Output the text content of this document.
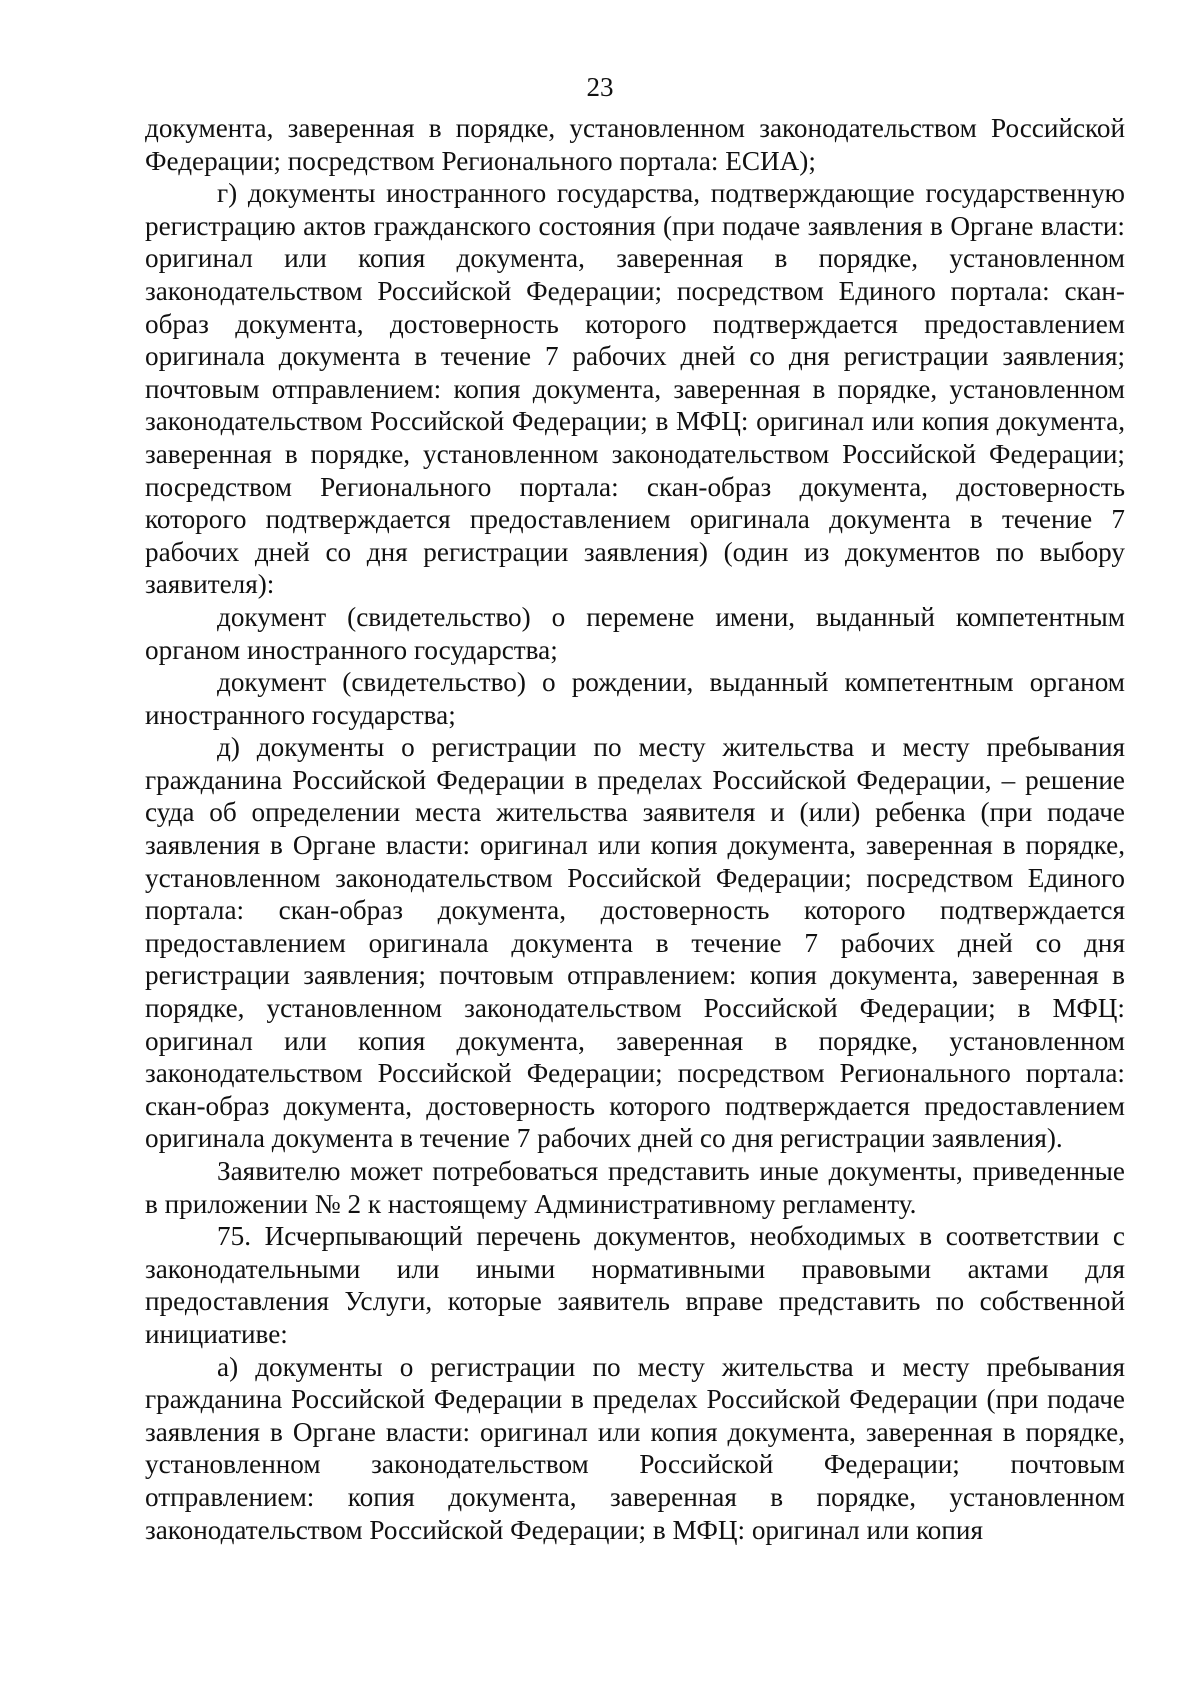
23

документа, заверенная в порядке, установленном законодательством Российской Федерации; посредством Регионального портала: ЕСИА);

г) документы иностранного государства, подтверждающие государственную регистрацию актов гражданского состояния (при подаче заявления в Органе власти: оригинал или копия документа, заверенная в порядке, установленном законодательством Российской Федерации; посредством Единого портала: скан-образ документа, достоверность которого подтверждается предоставлением оригинала документа в течение 7 рабочих дней со дня регистрации заявления; почтовым отправлением: копия документа, заверенная в порядке, установленном законодательством Российской Федерации; в МФЦ: оригинал или копия документа, заверенная в порядке, установленном законодательством Российской Федерации; посредством Регионального портала: скан-образ документа, достоверность которого подтверждается предоставлением оригинала документа в течение 7 рабочих дней со дня регистрации заявления) (один из документов по выбору заявителя):

документ (свидетельство) о перемене имени, выданный компетентным органом иностранного государства;

документ (свидетельство) о рождении, выданный компетентным органом иностранного государства;

д) документы о регистрации по месту жительства и месту пребывания гражданина Российской Федерации в пределах Российской Федерации, – решение суда об определении места жительства заявителя и (или) ребенка (при подаче заявления в Органе власти: оригинал или копия документа, заверенная в порядке, установленном законодательством Российской Федерации; посредством Единого портала: скан-образ документа, достоверность которого подтверждается предоставлением оригинала документа в течение 7 рабочих дней со дня регистрации заявления; почтовым отправлением: копия документа, заверенная в порядке, установленном законодательством Российской Федерации; в МФЦ: оригинал или копия документа, заверенная в порядке, установленном законодательством Российской Федерации; посредством Регионального портала: скан-образ документа, достоверность которого подтверждается предоставлением оригинала документа в течение 7 рабочих дней со дня регистрации заявления).

Заявителю может потребоваться представить иные документы, приведенные в приложении № 2 к настоящему Административному регламенту.

75. Исчерпывающий перечень документов, необходимых в соответствии с законодательными или иными нормативными правовыми актами для предоставления Услуги, которые заявитель вправе представить по собственной инициативе:

а) документы о регистрации по месту жительства и месту пребывания гражданина Российской Федерации в пределах Российской Федерации (при подаче заявления в Органе власти: оригинал или копия документа, заверенная в порядке, установленном законодательством Российской Федерации; почтовым отправлением: копия документа, заверенная в порядке, установленном законодательством Российской Федерации; в МФЦ: оригинал или копия
